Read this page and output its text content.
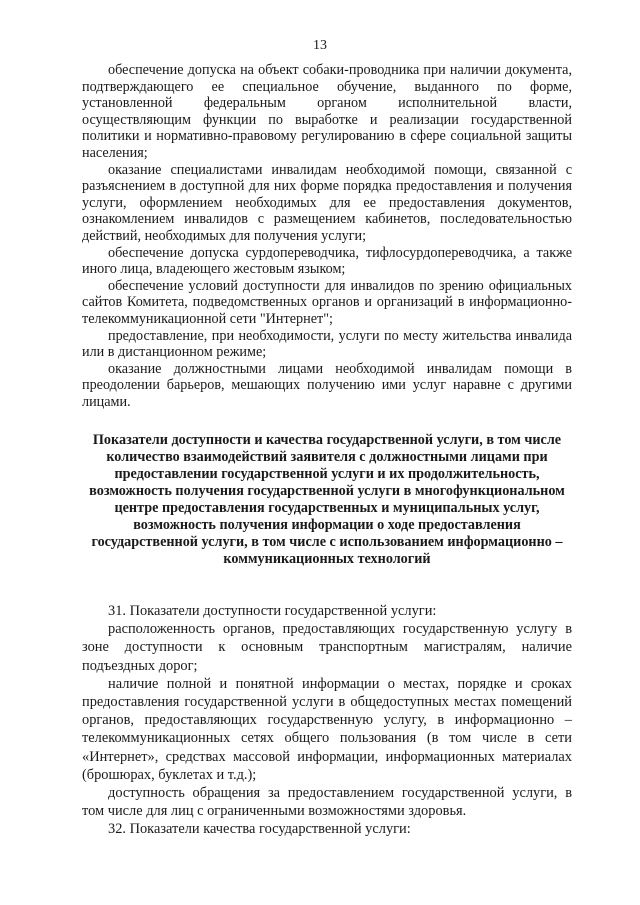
13

обеспечение допуска на объект собаки-проводника при наличии документа, подтверждающего ее специальное обучение, выданного по форме, установленной федеральным органом исполнительной власти, осуществляющим функции по выработке и реализации государственной политики и нормативно-правовому регулированию в сфере социальной защиты населения;

оказание специалистами инвалидам необходимой помощи, связанной с разъяснением в доступной для них форме порядка предоставления и получения услуги, оформлением необходимых для ее предоставления документов, ознакомлением инвалидов с размещением кабинетов, последовательностью действий, необходимых для получения услуги;

обеспечение допуска сурдопереводчика, тифлосурдопереводчика, а также иного лица, владеющего жестовым языком;

обеспечение условий доступности для инвалидов по зрению официальных сайтов Комитета, подведомственных органов и организаций в информационно-телекоммуникационной сети "Интернет";

предоставление, при необходимости, услуги по месту жительства инвалида или в дистанционном режиме;

оказание должностными лицами необходимой инвалидам помощи в преодолении барьеров, мешающих получению ими услуг наравне с другими лицами.

Показатели доступности и качества государственной услуги, в том числе количество взаимодействий заявителя с должностными лицами при предоставлении государственной услуги и их продолжительность, возможность получения государственной услуги в многофункциональном центре предоставления государственных и муниципальных услуг, возможность получения информации о ходе предоставления государственной услуги, в том числе с использованием информационно – коммуникационных технологий

31. Показатели доступности государственной услуги:

расположенность органов, предоставляющих государственную услугу в зоне доступности к основным транспортным магистралям, наличие подъездных дорог;

наличие полной и понятной информации о местах, порядке и сроках предоставления государственной услуги в общедоступных местах помещений органов, предоставляющих государственную услугу, в информационно – телекоммуникационных сетях общего пользования (в том числе в сети «Интернет», средствах массовой информации, информационных материалах (брошюрах, буклетах и т.д.);

доступность обращения за предоставлением государственной услуги, в том числе для лиц с ограниченными возможностями здоровья.

32. Показатели качества государственной услуги:
